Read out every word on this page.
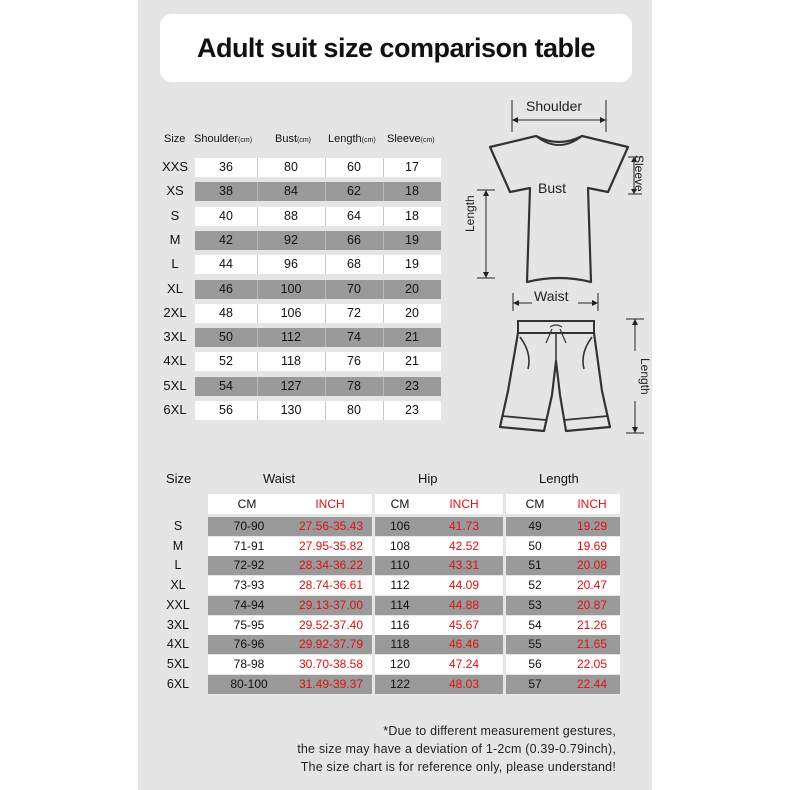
Adult suit size comparison table
Size Shoulder(cm) Bust(cm) Length(cm) Sleeve(cm)
XXS	36	80	60	17
XS	38	84	62	18
S	40	88	64	18
M	42	92	66	19
L	44	96	68	19
XL	46	100	70	20
2XL	48	106	72	20
3XL	50	112	74	21
4XL	52	118	76	21
5XL	54	127	78	23
6XL	56	130	80	23
Shoulder
Bust
Length
Sleeve
Waist
Length
Size	Waist	Hip	Length
CM	INCH	CM	INCH	CM	INCH
S	70-90	27.56-35.43	106	41.73	49	19.29
M	71-91	27.95-35.82	108	42.52	50	19.69
L	72-92	28.34-36.22	110	43.31	51	20.08
XL	73-93	28.74-36.61	112	44.09	52	20.47
XXL	74-94	29.13-37.00	114	44.88	53	20.87
3XL	75-95	29.52-37.40	116	45.67	54	21.26
4XL	76-96	29.92-37.79	118	46.46	55	21.65
5XL	78-98	30.70-38.58	120	47.24	56	22.05
6XL	80-100	31.49-39.37	122	48.03	57	22.44
*Due to different measurement gestures,
the size may have a deviation of 1-2cm (0.39-0.79inch),
The size chart is for reference only, please understand!
